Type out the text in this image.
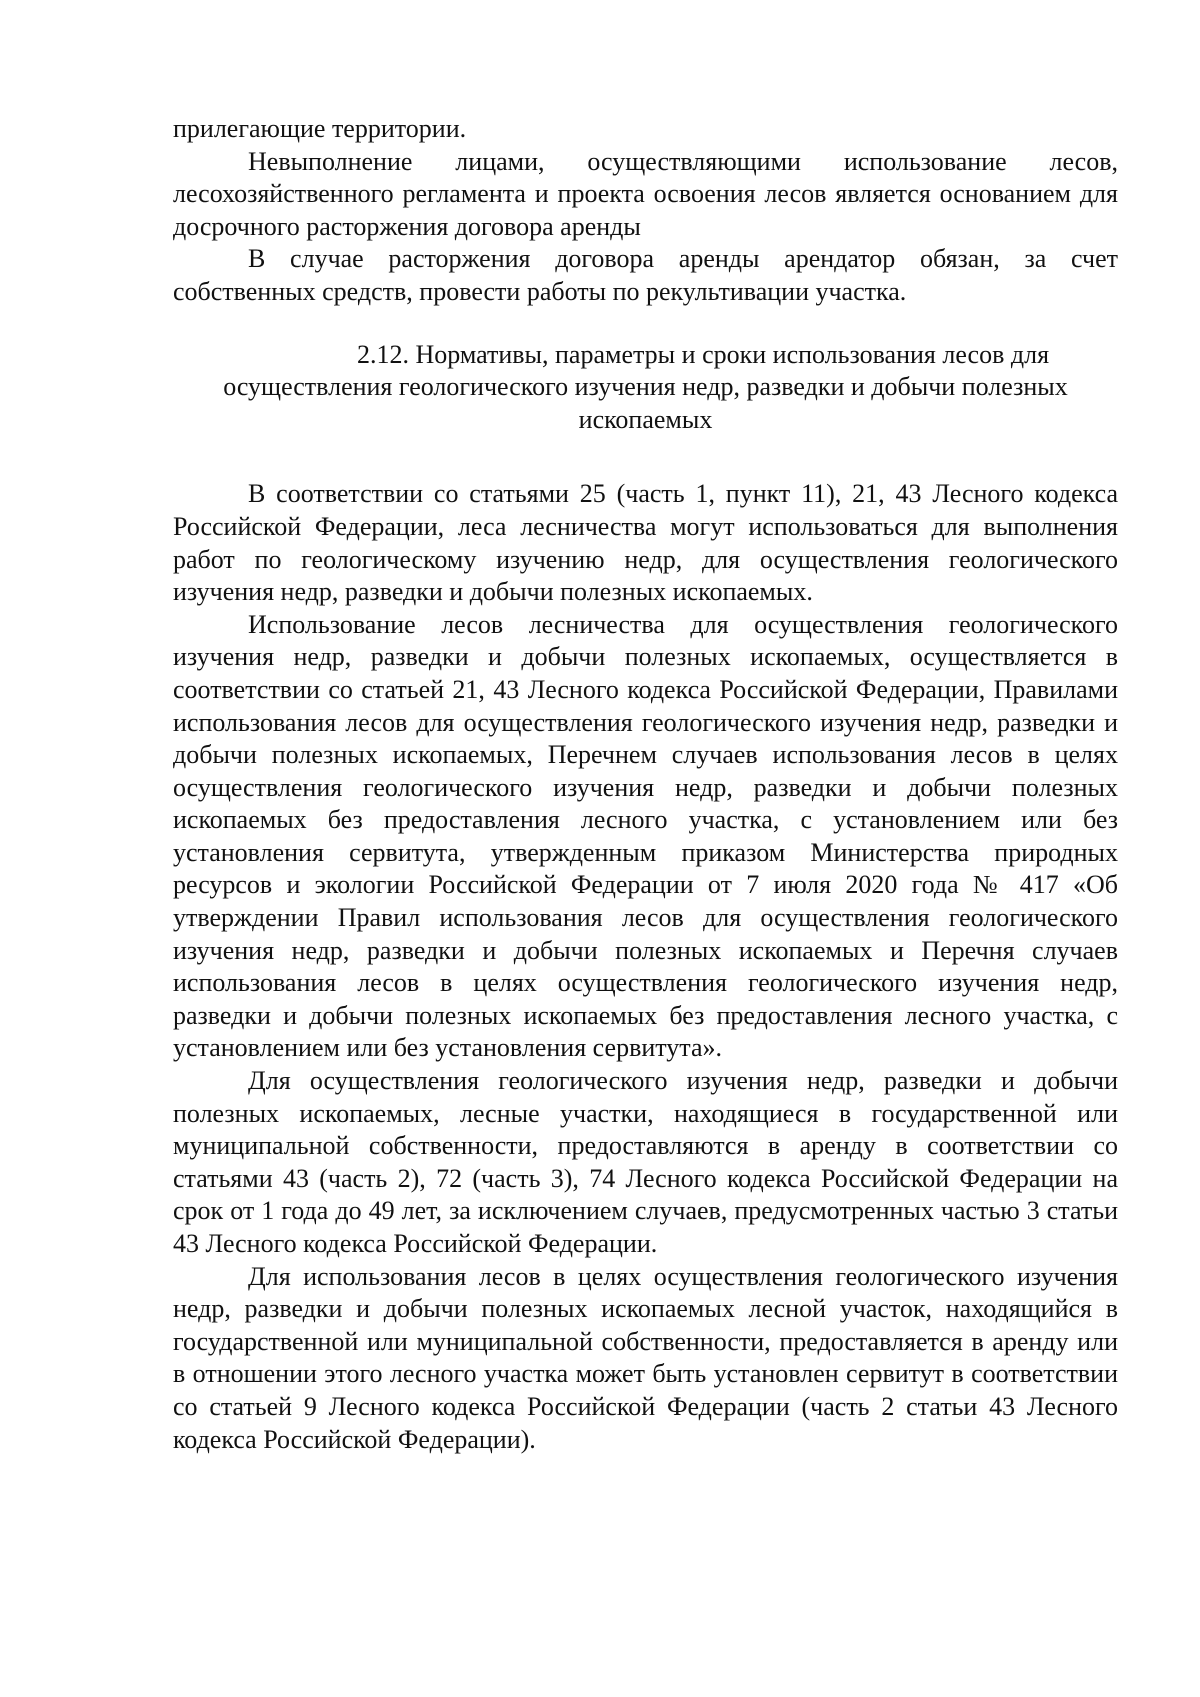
прилегающие территории.

Невыполнение лицами, осуществляющими использование лесов, лесохозяйственного регламента и проекта освоения лесов является основанием для досрочного расторжения договора аренды

В случае расторжения договора аренды арендатор обязан, за счет собственных средств, провести работы по рекультивации участка.

2.12. Нормативы, параметры и сроки использования лесов для осуществления геологического изучения недр, разведки и добычи полезных ископаемых

В соответствии со статьями 25 (часть 1, пункт 11), 21, 43 Лесного кодекса Российской Федерации, леса лесничества могут использоваться для выполнения работ по геологическому изучению недр, для осуществления геологического изучения недр, разведки и добычи полезных ископаемых.

Использование лесов лесничества для осуществления геологического изучения недр, разведки и добычи полезных ископаемых, осуществляется в соответствии со статьей 21, 43 Лесного кодекса Российской Федерации, Правилами использования лесов для осуществления геологического изучения недр, разведки и добычи полезных ископаемых, Перечнем случаев использования лесов в целях осуществления геологического изучения недр, разведки и добычи полезных ископаемых без предоставления лесного участка, с установлением или без установления сервитута, утвержденным приказом Министерства природных ресурсов и экологии Российской Федерации от 7 июля 2020 года № 417 «Об утверждении Правил использования лесов для осуществления геологического изучения недр, разведки и добычи полезных ископаемых и Перечня случаев использования лесов в целях осуществления геологического изучения недр, разведки и добычи полезных ископаемых без предоставления лесного участка, с установлением или без установления сервитута».

Для осуществления геологического изучения недр, разведки и добычи полезных ископаемых, лесные участки, находящиеся в государственной или муниципальной собственности, предоставляются в аренду в соответствии со статьями 43 (часть 2), 72 (часть 3), 74 Лесного кодекса Российской Федерации на срок от 1 года до 49 лет, за исключением случаев, предусмотренных частью 3 статьи 43 Лесного кодекса Российской Федерации.

Для использования лесов в целях осуществления геологического изучения недр, разведки и добычи полезных ископаемых лесной участок, находящийся в государственной или муниципальной собственности, предоставляется в аренду или в отношении этого лесного участка может быть установлен сервитут в соответствии со статьей 9 Лесного кодекса Российской Федерации (часть 2 статьи 43 Лесного кодекса Российской Федерации).
